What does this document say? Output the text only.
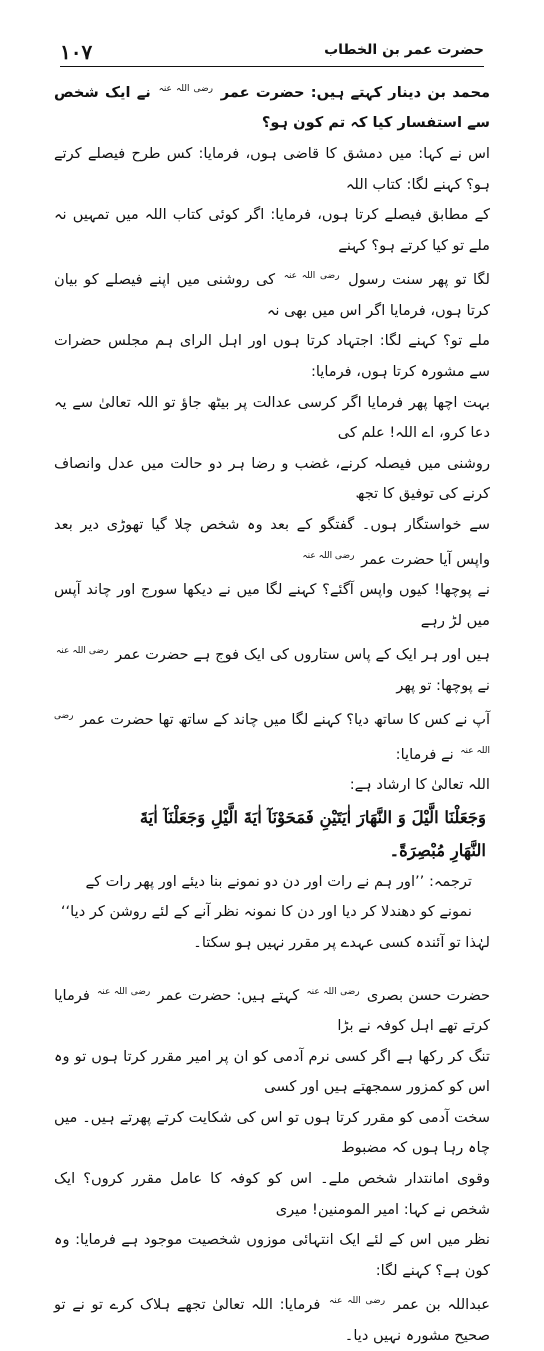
١٠٧	حضرت عمر بن الخطاب

محمد بن دینار کہتے ہیں: حضرت عمر $^{رضی اللہ عنہ}$ نے ایک شخص سے استفسار کیا کہ تم کون ہو؟

اس نے کہا: میں دمشق کا قاضی ہوں، فرمایا: کس طرح فیصلے کرتے ہو؟ کہنے لگا: کتاب اللہ

کے مطابق فیصلے کرتا ہوں، فرمایا: اگر کوئی کتاب اللہ میں تمہیں نہ ملے تو کیا کرتے ہو؟ کہنے

لگا تو پھر سنت رسول $^{رضی اللہ عنہ}$ کی روشنی میں اپنے فیصلے کو بیان کرتا ہوں، فرمایا اگر اس میں بھی نہ

ملے تو؟ کہنے لگا: اجتہاد کرتا ہوں اور اہل الرای ہم مجلس حضرات سے مشورہ کرتا ہوں، فرمایا:

بہت اچھا پھر فرمایا اگر کرسی عدالت پر بیٹھ جاؤ تو اللہ تعالیٰ سے یہ دعا کرو، اے اللہ! علم کی

روشنی میں فیصلہ کرنے، غضب و رضا ہر دو حالت میں عدل وانصاف کرنے کی توفیق کا تجھ

سے خواستگار ہوں۔ گفتگو کے بعد وہ شخص چلا گیا تھوڑی دیر بعد واپس آیا حضرت عمر $^{رضی اللہ عنہ}$

نے پوچھا! کیوں واپس آگئے؟ کہنے لگا میں نے دیکھا سورج اور چاند آپس میں لڑ رہے

ہیں اور ہر ایک کے پاس ستاروں کی ایک فوج ہے حضرت عمر $^{رضی اللہ عنہ}$ نے پوچھا: تو پھر

آپ نے کس کا ساتھ دیا؟ کہنے لگا میں چاند کے ساتھ تھا حضرت عمر $^{رضی اللہ عنہ}$ نے فرمایا:

اللہ تعالیٰ کا ارشاد ہے:

وَجَعَلْنَا الَّيْلَ وَ النَّهَارَ اٰيَتَيْنِ فَمَحَوْنَآ اٰيَةَ الَّيْلِ وَجَعَلْنَآ اٰيَةَ

النَّهَارِ مُبْصِرَةً۔

ترجمہ: ’’اور ہم نے رات اور دن دو نمونے بنا دیئے اور پھر رات کے

نمونے کو دھندلا کر دیا اور دن کا نمونہ نظر آنے کے لئے روشن کر دیا‘‘

لہٰذا تو آئندہ کسی عہدے پر مقرر نہیں ہو سکتا۔

حضرت حسن بصری $^{رضی اللہ عنہ}$ کہتے ہیں: حضرت عمر $^{رضی اللہ عنہ}$ فرمایا کرتے تھے اہل کوفہ نے بڑا

تنگ کر رکھا ہے اگر کسی نرم آدمی کو ان پر امیر مقرر کرتا ہوں تو وہ اس کو کمزور سمجھتے ہیں اور کسی

سخت آدمی کو مقرر کرتا ہوں تو اس کی شکایت کرتے پھرتے ہیں۔ میں چاہ رہا ہوں کہ مضبوط

وقوی امانتدار شخص ملے۔ اس کو کوفہ کا عامل مقرر کروں؟ ایک شخص نے کہا: امیر المومنین! میری

نظر میں اس کے لئے ایک انتہائی موزوں شخصیت موجود ہے فرمایا: وہ کون ہے؟ کہنے لگا:

عبداللہ بن عمر $^{رضی اللہ عنہ}$ فرمایا: اللہ تعالیٰ تجھے ہلاک کرے تو نے تو صحیح مشورہ نہیں دیا۔
